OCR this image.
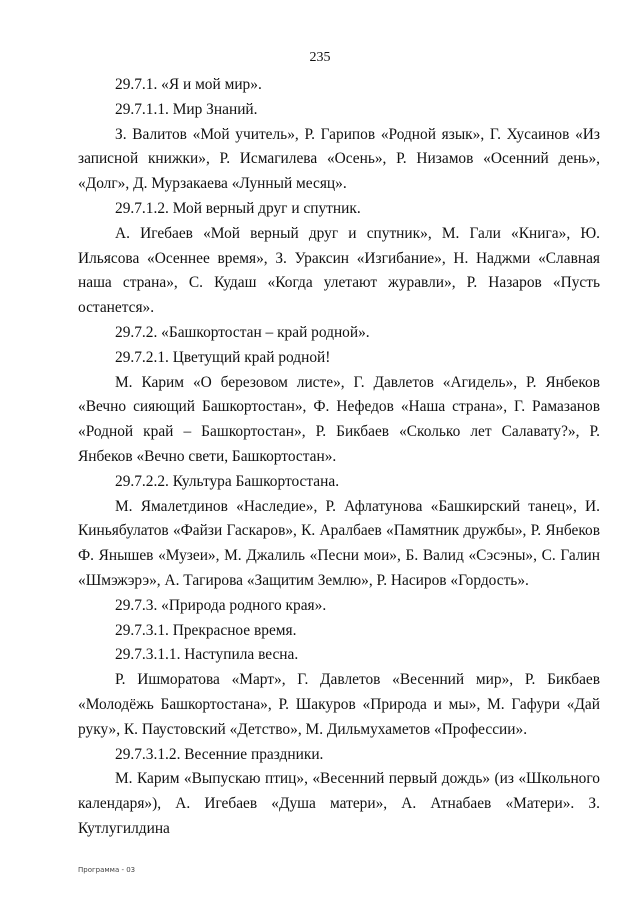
235

29.7.1. «Я и мой мир».

29.7.1.1. Мир Знаний.

З. Валитов «Мой учитель», Р. Гарипов «Родной язык», Г. Хусаинов «Из записной книжки», Р. Исмагилева «Осень», Р. Низамов «Осенний день», «Долг», Д. Мурзакаева «Лунный месяц».

29.7.1.2. Мой верный друг и спутник.

А. Игебаев «Мой верный друг и спутник», М. Гали «Книга», Ю. Ильясова «Осеннее время», З. Ураксин «Изгибание», Н. Наджми «Славная наша страна», С. Кудаш «Когда улетают журавли», Р. Назаров «Пусть останется».

29.7.2. «Башкортостан – край родной».

29.7.2.1. Цветущий край родной!

М. Карим «О березовом листе», Г. Давлетов «Агидель», Р. Янбеков «Вечно сияющий Башкортостан», Ф. Нефедов «Наша страна», Г. Рамазанов «Родной край – Башкортостан», Р. Бикбаев «Сколько лет Салавату?», Р. Янбеков «Вечно свети, Башкортостан».

29.7.2.2. Культура Башкортостана.

М. Ямалетдинов «Наследие», Р. Афлатунова «Башкирский танец», И. Киньябулатов «Файзи Гаскаров», К. Аралбаев «Памятник дружбы», Р. Янбеков Ф. Янышев «Музеи», М. Джалиль «Песни мои», Б. Валид «Сэсэны», С. Галин «Шмэжэрэ», А. Тагирова «Защитим Землю», Р. Насиров «Гордость».

29.7.3. «Природа родного края».

29.7.3.1. Прекрасное время.

29.7.3.1.1. Наступила весна.

Р. Ишморатова «Март», Г. Давлетов «Весенний мир», Р. Бикбаев «Молодёжь Башкортостана», Р. Шакуров «Природа и мы», М. Гафури «Дай руку», К. Паустовский «Детство», М. Дильмухаметов «Профессии».

29.7.3.1.2. Весенние праздники.

М. Карим «Выпускаю птиц», «Весенний первый дождь» (из «Школьного календаря»), А. Игебаев «Душа матери», А. Атнабаев «Матери». З. Кутлугилдина

Программа - 03
